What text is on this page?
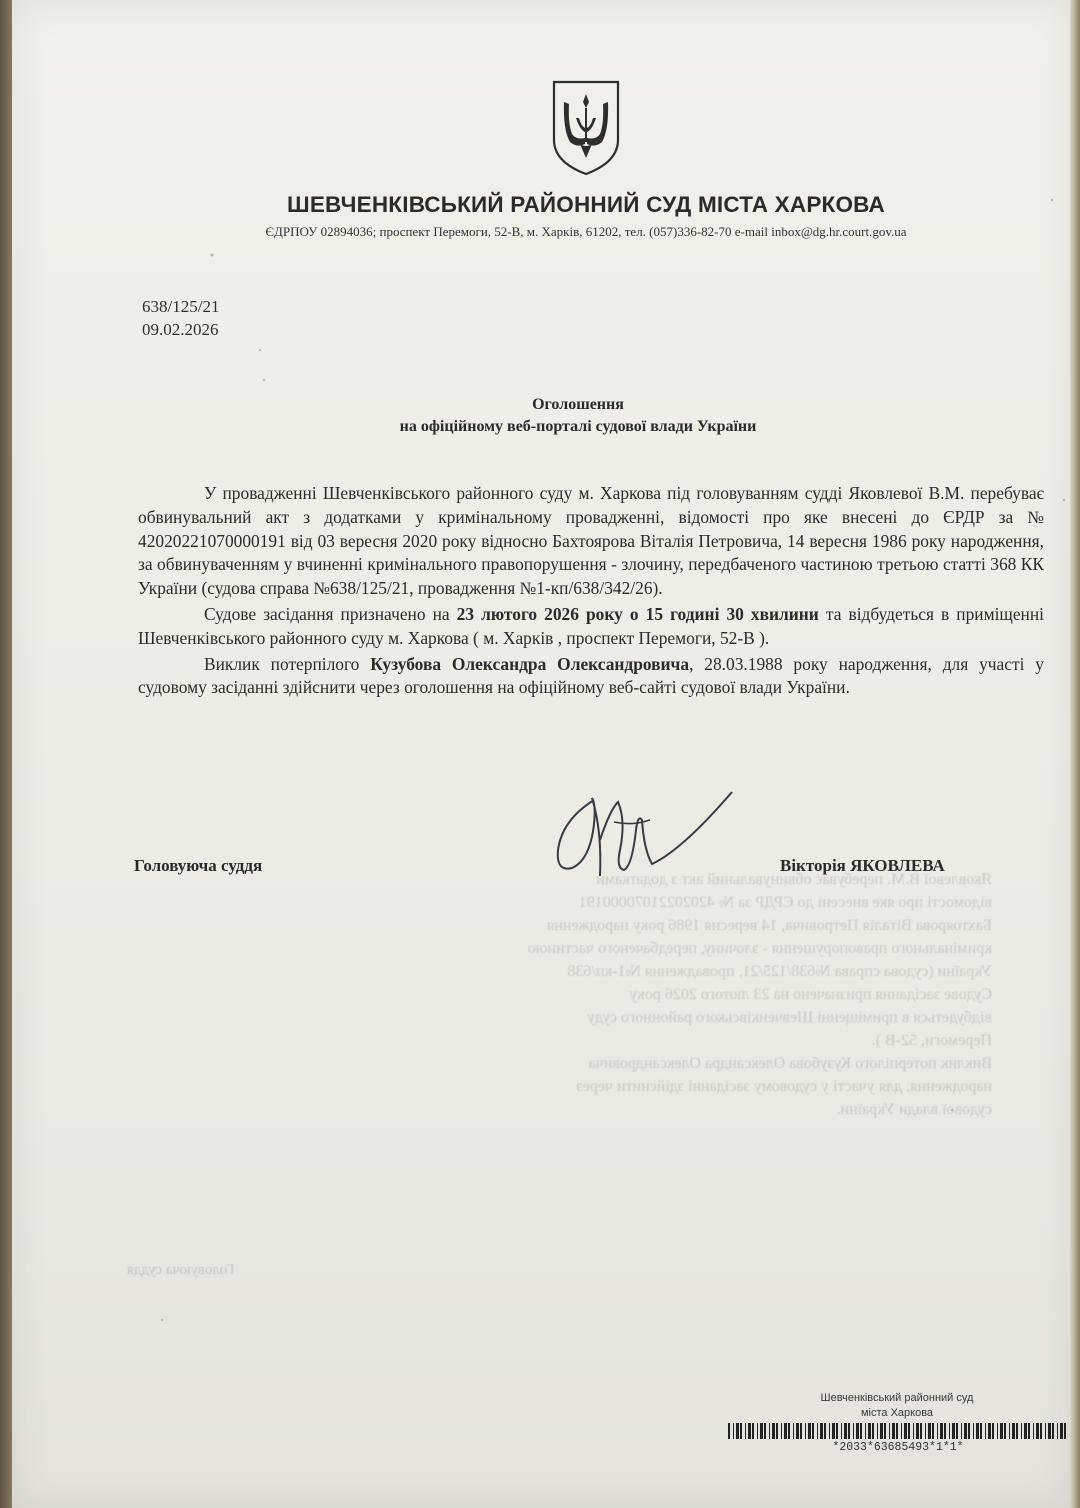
ШЕВЧЕНКІВСЬКИЙ РАЙОННИЙ СУД МІСТА ХАРКОВА
ЄДРПОУ 02894036; проспект Перемоги, 52-В, м. Харків, 61202, тел. (057)336-82-70 e-mail inbox@dg.hr.court.gov.ua
638/125/21
09.02.2026
Оголошення
на офіційному веб-порталі судової влади України

У провадженні Шевченківського районного суду м. Харкова під головуванням судді Яковлевої В.М. перебуває обвинувальний акт з додатками у кримінальному провадженні, відомості про яке внесені до ЄРДР за № 42020221070000191 від 03 вересня 2020 року відносно Бахтоярова Віталія Петровича, 14 вересня 1986 року народження, за обвинуваченням у вчиненні кримінального правопорушення - злочину, передбаченого частиною третьою статті 368 КК України (судова справа №638/125/21, провадження №1-кп/638/342/26).

Судове засідання призначено на 23 лютого 2026 року о 15 годині 30 хвилини та відбудеться в приміщенні Шевченківського районного суду м. Харкова ( м. Харків , проспект Перемоги, 52-В ).

Виклик потерпілого Кузубова Олександра Олександровича, 28.03.1988 року народження, для участі у судовому засіданні здійснити через оголошення на офіційному веб-сайті судової влади України.

Яковлевої В.М. перебуває обвинувальний акт з додатками
відомості про яке внесені до ЄРДР за № 42020221070000191
Бахтоярова Віталія Петровича, 14 вересня 1986 року народження
кримінального правопорушення - злочину, передбаченого частиною
України (судова справа №638/125/21, провадження №1-кп/638
Судове засідання призначено на 23 лютого 2026 року
відбудеться в приміщенні Шевченківського районного суду
Перемоги, 52-В ).
Виклик потерпілого Кузубова Олександра Олександровича
народження, для участі у судовому засіданні здійснити через
судової влади України.
Головуюча суддя
Головуюча суддя	Вікторія ЯКОВЛЕВА
Шевченківський районний суд
міста Харкова
*2033*63685493*1*1*
